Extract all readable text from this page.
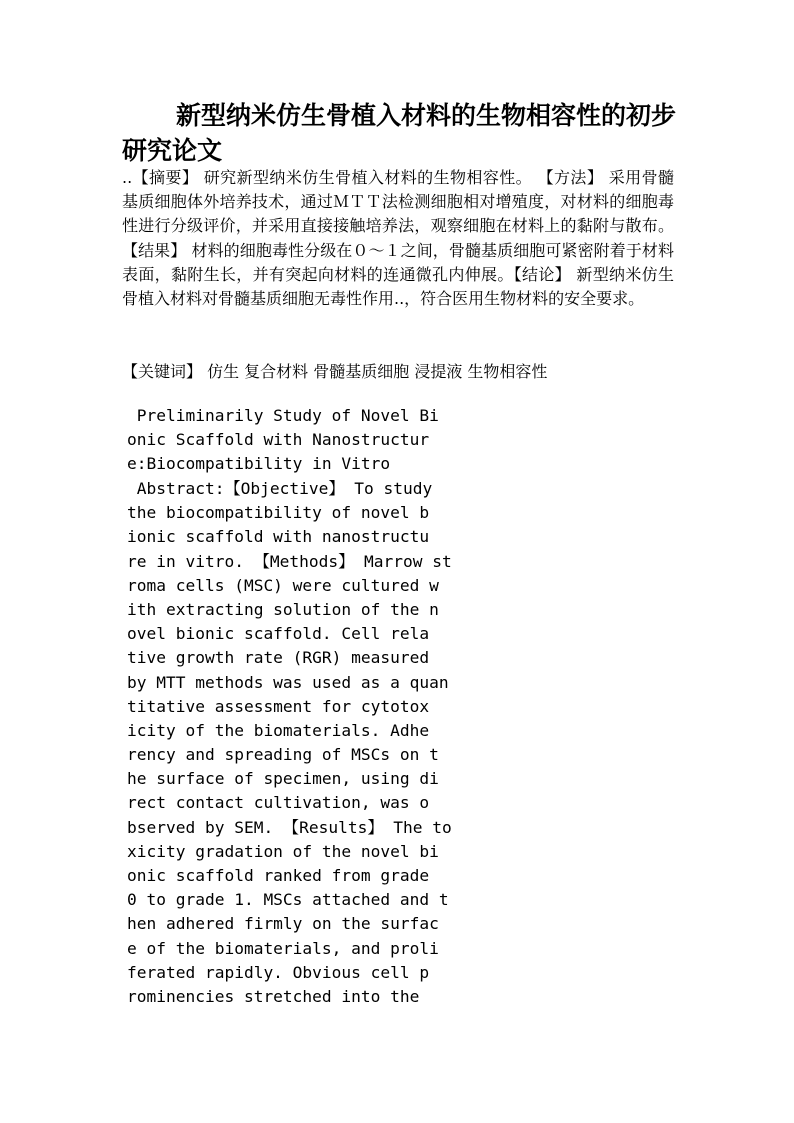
新型纳米仿生骨植入材料的生物相容性的初步研究论文

..【摘要】 研究新型纳米仿生骨植入材料的生物相容性。 【方法】 采用骨髓基质细胞体外培养技术，通过ＭＴＴ法检测细胞相对增殖度，对材料的细胞毒性进行分级评价，并采用直接接触培养法，观察细胞在材料上的黏附与散布。【结果】 材料的细胞毒性分级在０～１之间，骨髓基质细胞可紧密附着于材料表面，黏附生长，并有突起向材料的连通微孔内伸展。【结论】 新型纳米仿生骨植入材料对骨髓基质细胞无毒性作用..，符合医用生物材料的安全要求。

【关键词】 仿生 复合材料 骨髓基质细胞 浸提液 生物相容性

Preliminarily Study of Novel Bi
onic Scaffold with Nanostructur
e:Biocompatibility in Vitro
Abstract:【Objective】 To study
the biocompatibility of novel b
ionic scaffold with nanostructu
re in vitro. 【Methods】 Marrow st
roma cells (MSC) were cultured w
ith extracting solution of the n
ovel bionic scaffold. Cell rela
tive growth rate (RGR) measured
by MTT methods was used as a quan
titative assessment for cytotox
icity of the biomaterials. Adhe
rency and spreading of MSCs on t
he surface of specimen, using di
rect contact cultivation, was o
bserved by SEM. 【Results】 The to
xicity gradation of the novel bi
onic scaffold ranked from grade
0 to grade 1. MSCs attached and t
hen adhered firmly on the surfac
e of the biomaterials, and proli
ferated rapidly. Obvious cell p
rominencies stretched into the
